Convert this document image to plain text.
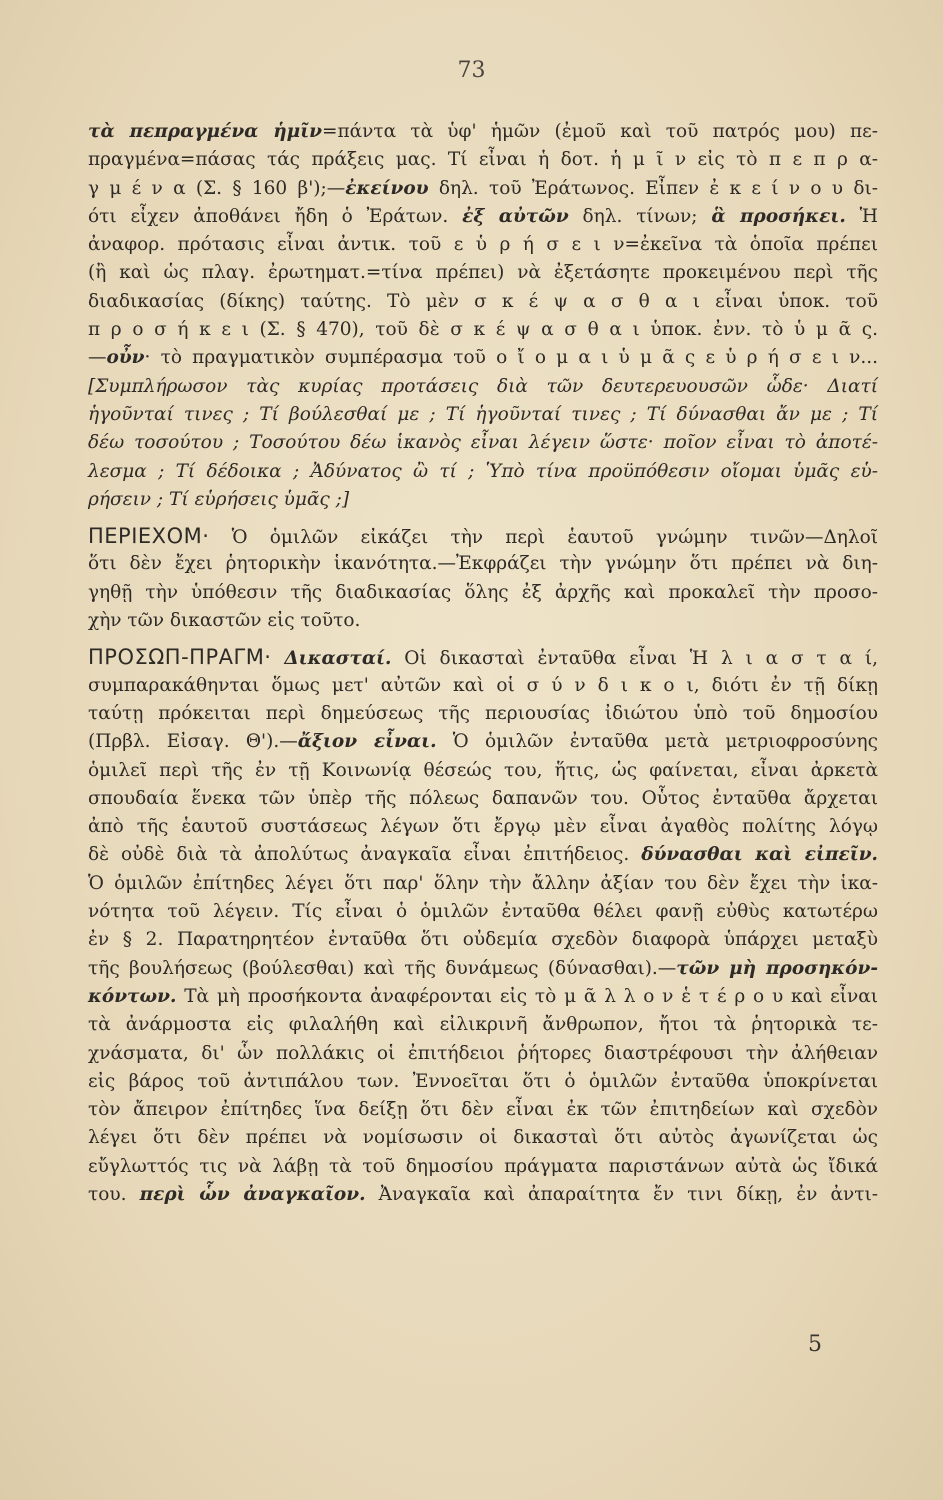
73
τὰ πεπραγμένα ἡμῖν=πάντα τὰ ὑφ' ἡμῶν (ἐμοῦ καὶ τοῦ πατρός μου) πε-
πραγμένα=πάσας τάς πράξεις μας. Τί εἶναι ἡ δοτ. ἡ μ ῖ ν εἰς τὸ π ε π ρ α-
γ μ έ ν α (Σ. § 160 β');—ἐκείνου δηλ. τοῦ Ἐράτωνος. Εἶπεν ἐ κ ε ί ν ο υ δι-
ότι εἶχεν ἀποθάνει ἤδη ὁ Ἐράτων. ἐξ αὐτῶν δηλ. τίνων; ἃ προσήκει. Ἡ
ἀναφορ. πρότασις εἶναι ἀντικ. τοῦ ε ὑ ρ ή σ ε ι ν=ἐκεῖνα τὰ ὁποῖα πρέπει
(ἢ καὶ ὡς πλαγ. ἐρωτηματ.=τίνα πρέπει) νὰ ἐξετάσητε προκειμένου περὶ τῆς
διαδικασίας (δίκης) ταύτης. Τὸ μὲν σ κ έ ψ α σ θ α ι εἶναι ὑποκ. τοῦ
π ρ ο σ ή κ ε ι (Σ. § 470), τοῦ δὲ σ κ έ ψ α σ θ α ι ὑποκ. ἐνν. τὸ ὑ μ ᾶ ς.
—οὖν· τὸ πραγματικὸν συμπέρασμα τοῦ ο ἴ ο μ α ι ὑ μ ᾶ ς ε ὑ ρ ή σ ε ι ν...
[Συμπλήρωσον τὰς κυρίας προτάσεις διὰ τῶν δευτερευουσῶν ὧδε· Διατί
ἡγοῦνταί τινες ; Τί βούλεσθαί με ; Τί ἡγοῦνταί τινες ; Τί δύνασθαι ἄν με ; Τί
δέω τοσούτου ; Τοσούτου δέω ἱκανὸς εἶναι λέγειν ὥστε· ποῖον εἶναι τὸ ἀποτέ-
λεσμα ; Τί δέδοικα ; Ἀδύνατος ὢ τί ; Ὑπὸ τίνα προϋπόθεσιν οἴομαι ὑμᾶς εὑ-
ρήσειν ; Τί εὑρήσεις ὑμᾶς ;]
ΠΕΡΙΕΧΟΜ· Ὁ ὁμιλῶν εἰκάζει τὴν περὶ ἑαυτοῦ γνώμην τινῶν—Δηλοῖ
ὅτι δὲν ἔχει ῥητορικὴν ἱκανότητα.—Ἐκφράζει τὴν γνώμην ὅτι πρέπει νὰ διη-
γηθῇ τὴν ὑπόθεσιν τῆς διαδικασίας ὅλης ἐξ ἀρχῆς καὶ προκαλεῖ τὴν προσο-
χὴν τῶν δικαστῶν εἰς τοῦτο.
ΠΡΟΣΩΠ-ΠΡΑΓΜ· Δικασταί. Οἱ δικασταὶ ἐνταῦθα εἶναι Ἡ λ ι α σ τ α ί,
συμπαρακάθηνται ὅμως μετ' αὐτῶν καὶ οἱ σ ύ ν δ ι κ ο ι, διότι ἐν τῇ δίκῃ
ταύτῃ πρόκειται περὶ δημεύσεως τῆς περιουσίας ἰδιώτου ὑπὸ τοῦ δημοσίου
(Πρβλ. Εἰσαγ. Θ').—ἄξιον εἶναι. Ὁ ὁμιλῶν ἐνταῦθα μετὰ μετριοφροσύνης
ὁμιλεῖ περὶ τῆς ἐν τῇ Κοινωνίᾳ θέσεώς του, ἥτις, ὡς φαίνεται, εἶναι ἀρκετὰ
σπουδαία ἕνεκα τῶν ὑπὲρ τῆς πόλεως δαπανῶν του. Οὗτος ἐνταῦθα ἄρχεται
ἀπὸ τῆς ἑαυτοῦ συστάσεως λέγων ὅτι ἔργῳ μὲν εἶναι ἀγαθὸς πολίτης λόγῳ
δὲ οὐδὲ διὰ τὰ ἀπολύτως ἀναγκαῖα εἶναι ἐπιτήδειος. δύνασθαι καὶ εἰπεῖν.
Ὁ ὁμιλῶν ἐπίτηδες λέγει ὅτι παρ' ὅλην τὴν ἄλλην ἀξίαν του δὲν ἔχει τὴν ἱκα-
νότητα τοῦ λέγειν. Τίς εἶναι ὁ ὁμιλῶν ἐνταῦθα θέλει φανῇ εὐθὺς κατωτέρω
ἐν § 2. Παρατηρητέον ἐνταῦθα ὅτι οὐδεμία σχεδὸν διαφορὰ ὑπάρχει μεταξὺ
τῆς βουλήσεως (βούλεσθαι) καὶ τῆς δυνάμεως (δύνασθαι).—τῶν μὴ προσηκόν-
κόντων. Τὰ μὴ προσήκοντα ἀναφέρονται εἰς τὸ μ ᾶ λ λ ο ν ἑ τ έ ρ ο υ καὶ εἶναι
τὰ ἀνάρμοστα εἰς φιλαλήθη καὶ εἰλικρινῆ ἄνθρωπον, ἤτοι τὰ ῥητορικὰ τε-
χνάσματα, δι' ὧν πολλάκις οἱ ἐπιτήδειοι ῥήτορες διαστρέφουσι τὴν ἀλήθειαν
εἰς βάρος τοῦ ἀντιπάλου των. Ἐννοεῖται ὅτι ὁ ὁμιλῶν ἐνταῦθα ὑποκρίνεται
τὸν ἄπειρον ἐπίτηδες ἵνα δείξῃ ὅτι δὲν εἶναι ἐκ τῶν ἐπιτηδείων καὶ σχεδὸν
λέγει ὅτι δὲν πρέπει νὰ νομίσωσιν οἱ δικασταὶ ὅτι αὐτὸς ἀγωνίζεται ὡς
εὔγλωττός τις νὰ λάβῃ τὰ τοῦ δημοσίου πράγματα παριστάνων αὐτὰ ὡς ἴδικά
του. περὶ ὧν ἀναγκαῖον. Ἀναγκαῖα καὶ ἀπαραίτητα ἔν τινι δίκῃ, ἐν ἀντι-
5
